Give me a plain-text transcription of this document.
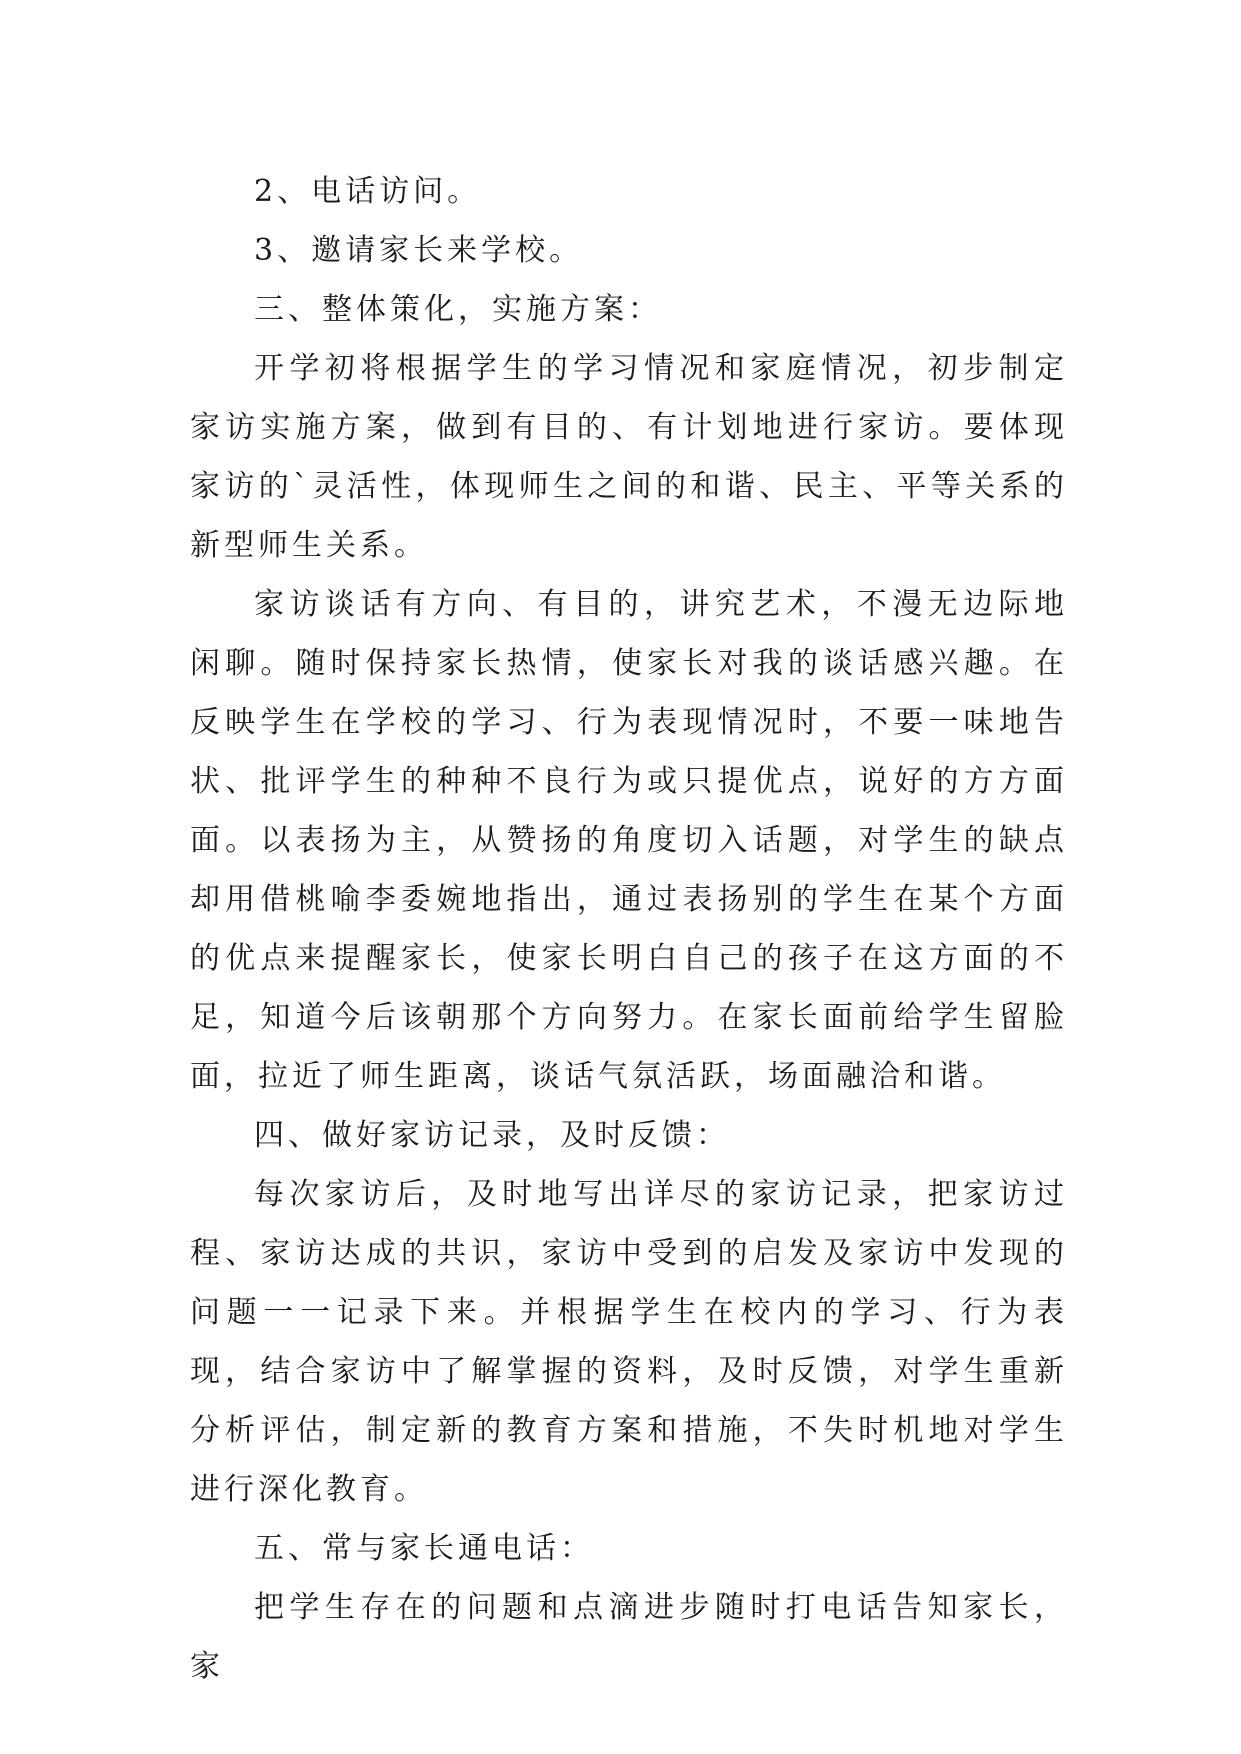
2、电话访问。

3、邀请家长来学校。

三、整体策化，实施方案：

开学初将根据学生的学习情况和家庭情况，初步制定家访实施方案，做到有目的、有计划地进行家访。要体现家访的`灵活性，体现师生之间的和谐、民主、平等关系的新型师生关系。

家访谈话有方向、有目的，讲究艺术，不漫无边际地闲聊。随时保持家长热情，使家长对我的谈话感兴趣。在反映学生在学校的学习、行为表现情况时，不要一味地告状、批评学生的种种不良行为或只提优点，说好的方方面面。以表扬为主，从赞扬的角度切入话题，对学生的缺点却用借桃喻李委婉地指出，通过表扬别的学生在某个方面的优点来提醒家长，使家长明白自己的孩子在这方面的不足，知道今后该朝那个方向努力。在家长面前给学生留脸面，拉近了师生距离，谈话气氛活跃，场面融洽和谐。

四、做好家访记录，及时反馈：

每次家访后，及时地写出详尽的家访记录，把家访过程、家访达成的共识，家访中受到的启发及家访中发现的问题一一记录下来。并根据学生在校内的学习、行为表现，结合家访中了解掌握的资料，及时反馈，对学生重新分析评估，制定新的教育方案和措施，不失时机地对学生进行深化教育。

五、常与家长通电话：

把学生存在的问题和点滴进步随时打电话告知家长，家
